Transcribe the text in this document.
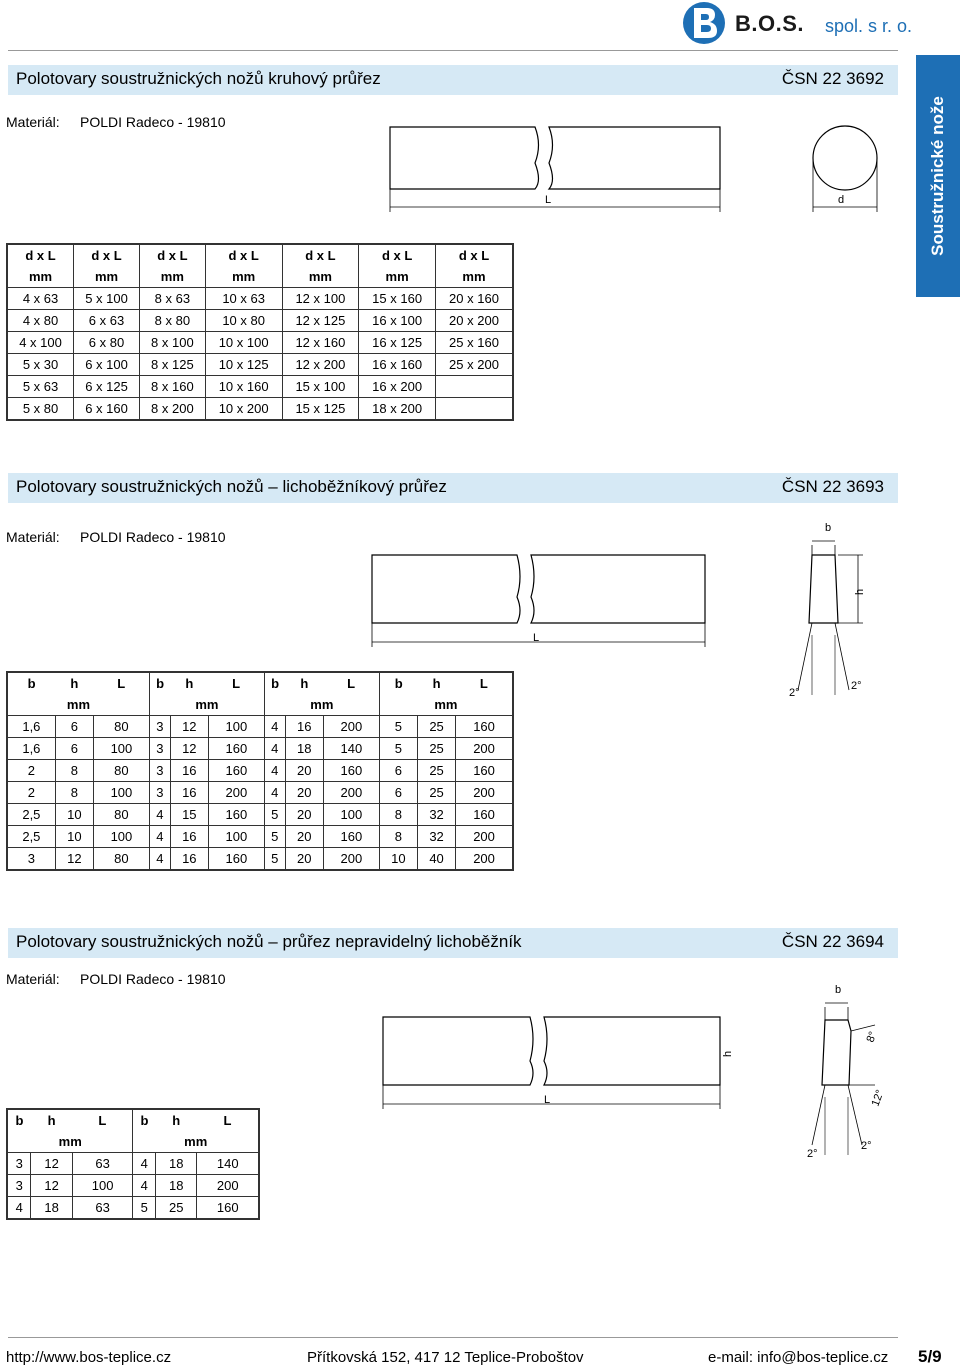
B.O.S. spol. s r. o.
Soustružnické nože
Polotovary soustružnických nožů kruhový průřez	ČSN 22 3692
Materiál: POLDI Radeco - 19810
L	d
d x L	d x L	d x L	d x L	d x L	d x L	d x L
mm	mm	mm	mm	mm	mm	mm
4 x 63	5 x 100	8 x 63	10 x 63	12 x 100	15 x 160	20 x 160
4 x 80	6 x 63	8 x 80	10 x 80	12 x 125	16 x 100	20 x 200
4 x 100	6 x 80	8 x 100	10 x 100	12 x 160	16 x 125	25 x 160
5 x 30	6 x 100	8 x 125	10 x 125	12 x 200	16 x 160	25 x 200
5 x 63	6 x 125	8 x 160	10 x 160	15 x 100	16 x 200	
5 x 80	6 x 160	8 x 200	10 x 200	15 x 125	18 x 200	
Polotovary soustružnických nožů – lichoběžníkový průřez	ČSN 22 3693
Materiál: POLDI Radeco - 19810
b
h
L
2°
2°
b	h	L	b	h	L	b	h	L	b	h	L
mm			mm			mm			mm		
1,6	6	80	3	12	100	4	16	200	5	25	160
1,6	6	100	3	12	160	4	18	140	5	25	200
2	8	80	3	16	160	4	20	160	6	25	160
2	8	100	3	16	200	4	20	200	6	25	200
2,5	10	80	4	15	160	5	20	100	8	32	160
2,5	10	100	4	16	100	5	20	160	8	32	200
3	12	80	4	16	160	5	20	200	10	40	200
Polotovary soustružnických nožů – průřez nepravidelný lichoběžník	ČSN 22 3694
Materiál: POLDI Radeco - 19810
b
h
L
8°
12°
2°
2°
b	h	L	b	h	L
mm			mm		
3	12	63	4	18	140
3	12	100	4	18	200
4	18	63	5	25	160
http://www.bos-teplice.cz	Přítkovská 152, 417 12 Teplice-Proboštov	e-mail: info@bos-teplice.cz 5/9
